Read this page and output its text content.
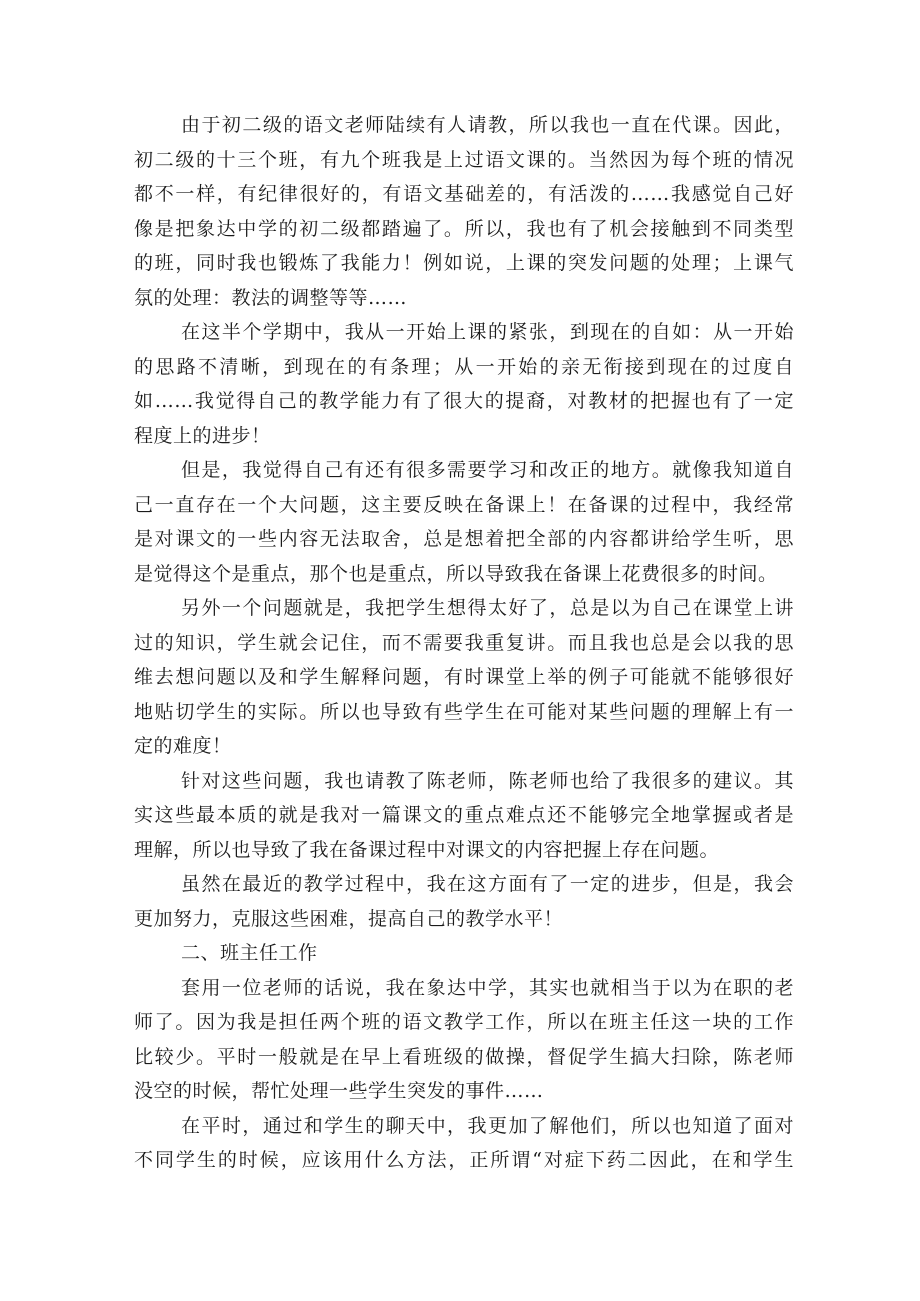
由于初二级的语文老师陆续有人请教，所以我也一直在代课。因此，
初二级的十三个班，有九个班我是上过语文课的。当然因为每个班的情况
都不一样，有纪律很好的，有语文基础差的，有活泼的……我感觉自己好
像是把象达中学的初二级都踏遍了。所以，我也有了机会接触到不同类型
的班，同时我也锻炼了我能力！例如说，上课的突发问题的处理；上课气
氛的处理：教法的调整等等……
在这半个学期中，我从一开始上课的紧张，到现在的自如：从一开始
的思路不清晰，到现在的有条理；从一开始的亲无衔接到现在的过度自
如……我觉得自己的教学能力有了很大的提裔，对教材的把握也有了一定
程度上的进步！
但是，我觉得自己有还有很多需要学习和改正的地方。就像我知道自
己一直存在一个大问题，这主要反映在备课上！在备课的过程中，我经常
是对课文的一些内容无法取舍，总是想着把全部的内容都讲给学生听，思
是觉得这个是重点，那个也是重点，所以导致我在备课上花费很多的时间。
另外一个问题就是，我把学生想得太好了，总是以为自己在课堂上讲
过的知识，学生就会记住，而不需要我重复讲。而且我也总是会以我的思
维去想问题以及和学生解释问题，有时课堂上举的例子可能就不能够很好
地贴切学生的实际。所以也导致有些学生在可能对某些问题的理解上有一
定的难度！
针对这些问题，我也请教了陈老师，陈老师也给了我很多的建议。其
实这些最本质的就是我对一篇课文的重点难点还不能够完全地掌握或者是
理解，所以也导致了我在备课过程中对课文的内容把握上存在问题。
虽然在最近的教学过程中，我在这方面有了一定的进步，但是，我会
更加努力，克服这些困难，提高自己的教学水平！
二、班主任工作
套用一位老师的话说，我在象达中学，其实也就相当于以为在职的老
师了。因为我是担任两个班的语文教学工作，所以在班主任这一块的工作
比较少。平时一般就是在早上看班级的做操，督促学生搞大扫除，陈老师
没空的时候，帮忙处理一些学生突发的事件……
在平时，通过和学生的聊天中，我更加了解他们，所以也知道了面对
不同学生的时候，应该用什么方法，正所谓“对症下药二因此，在和学生
